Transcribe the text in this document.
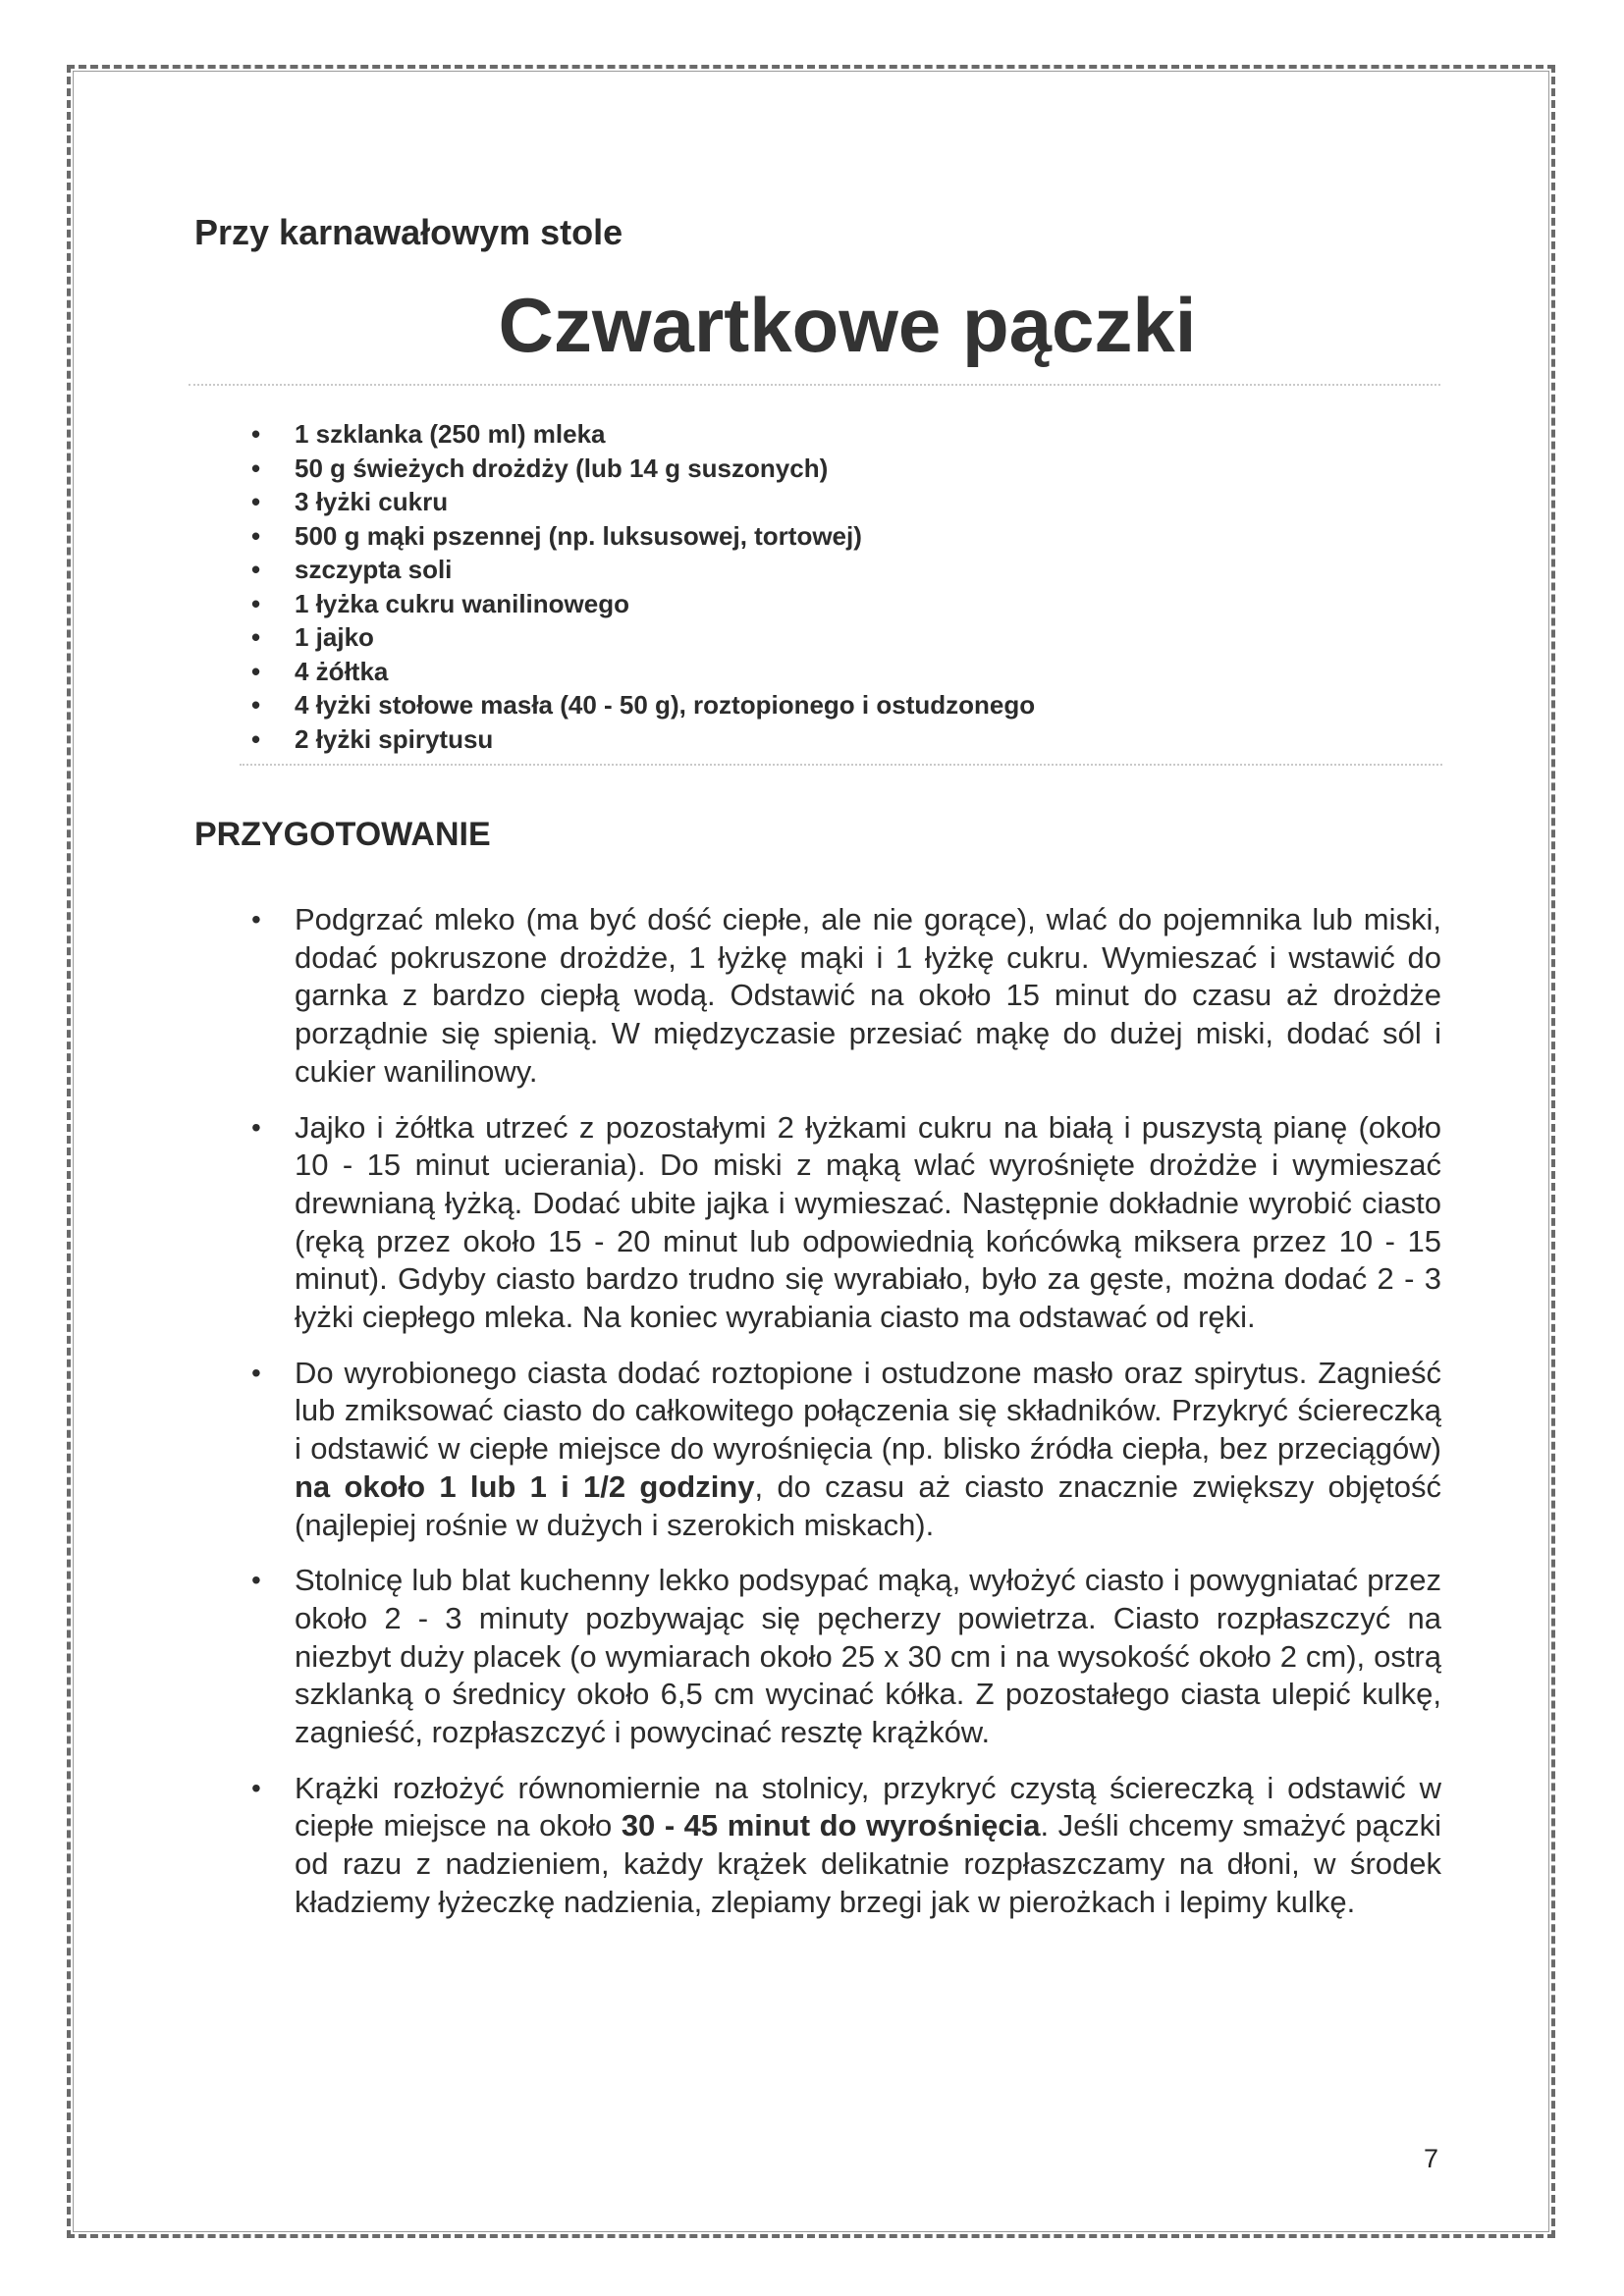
Przy karnawałowym stole
Czwartkowe pączki
• 1 szklanka (250 ml) mleka
• 50 g świeżych drożdży (lub 14 g suszonych)
• 3 łyżki cukru
• 500 g mąki pszennej (np. luksusowej, tortowej)
• szczypta soli
• 1 łyżka cukru wanilinowego
• 1 jajko
• 4 żółtka
• 4 łyżki stołowe masła (40 - 50 g), roztopionego i ostudzonego
• 2 łyżki spirytusu
PRZYGOTOWANIE
• Podgrzać mleko (ma być dość ciepłe, ale nie gorące), wlać do pojemnika lub miski, dodać pokruszone drożdże, 1 łyżkę mąki i 1 łyżkę cukru. Wymieszać i wstawić do garnka z bardzo ciepłą wodą. Odstawić na około 15 minut do czasu aż drożdże porządnie się spienią. W międzyczasie przesiać mąkę do dużej miski, dodać sól i cukier wanilinowy.
• Jajko i żółtka utrzeć z pozostałymi 2 łyżkami cukru na białą i puszystą pianę (około 10 - 15 minut ucierania). Do miski z mąką wlać wyrośnięte drożdże i wymieszać drewnianą łyżką. Dodać ubite jajka i wymieszać. Następnie dokładnie wyrobić ciasto (ręką przez około 15 - 20 minut lub odpowiednią końcówką miksera przez 10 - 15 minut). Gdyby ciasto bardzo trudno się wyrabiało, było za gęste, można dodać 2 - 3 łyżki ciepłego mleka. Na koniec wyrabiania ciasto ma odstawać od ręki.
• Do wyrobionego ciasta dodać roztopione i ostudzone masło oraz spirytus. Zagnieść lub zmiksować ciasto do całkowitego połączenia się składników. Przykryć ściereczką i odstawić w ciepłe miejsce do wyrośnięcia (np. blisko źródła ciepła, bez przeciągów) na około 1 lub 1 i 1/2 godziny, do czasu aż ciasto znacznie zwiększy objętość (najlepiej rośnie w dużych i szerokich miskach).
• Stolnicę lub blat kuchenny lekko podsypać mąką, wyłożyć ciasto i powygniatać przez około 2 - 3 minuty pozbywając się pęcherzy powietrza. Ciasto rozpłaszczyć na niezbyt duży placek (o wymiarach około 25 x 30 cm i na wysokość około 2 cm), ostrą szklanką o średnicy około 6,5 cm wycinać kółka. Z pozostałego ciasta ulepić kulkę, zagnieść, rozpłaszczyć i powycinać resztę krążków.
• Krążki rozłożyć równomiernie na stolnicy, przykryć czystą ściereczką i odstawić w ciepłe miejsce na około 30 - 45 minut do wyrośnięcia. Jeśli chcemy smażyć pączki od razu z nadzieniem, każdy krążek delikatnie rozpłaszczamy na dłoni, w środek kładziemy łyżeczkę nadzienia, zlepiamy brzegi jak w pierożkach i lepimy kulkę.
7
